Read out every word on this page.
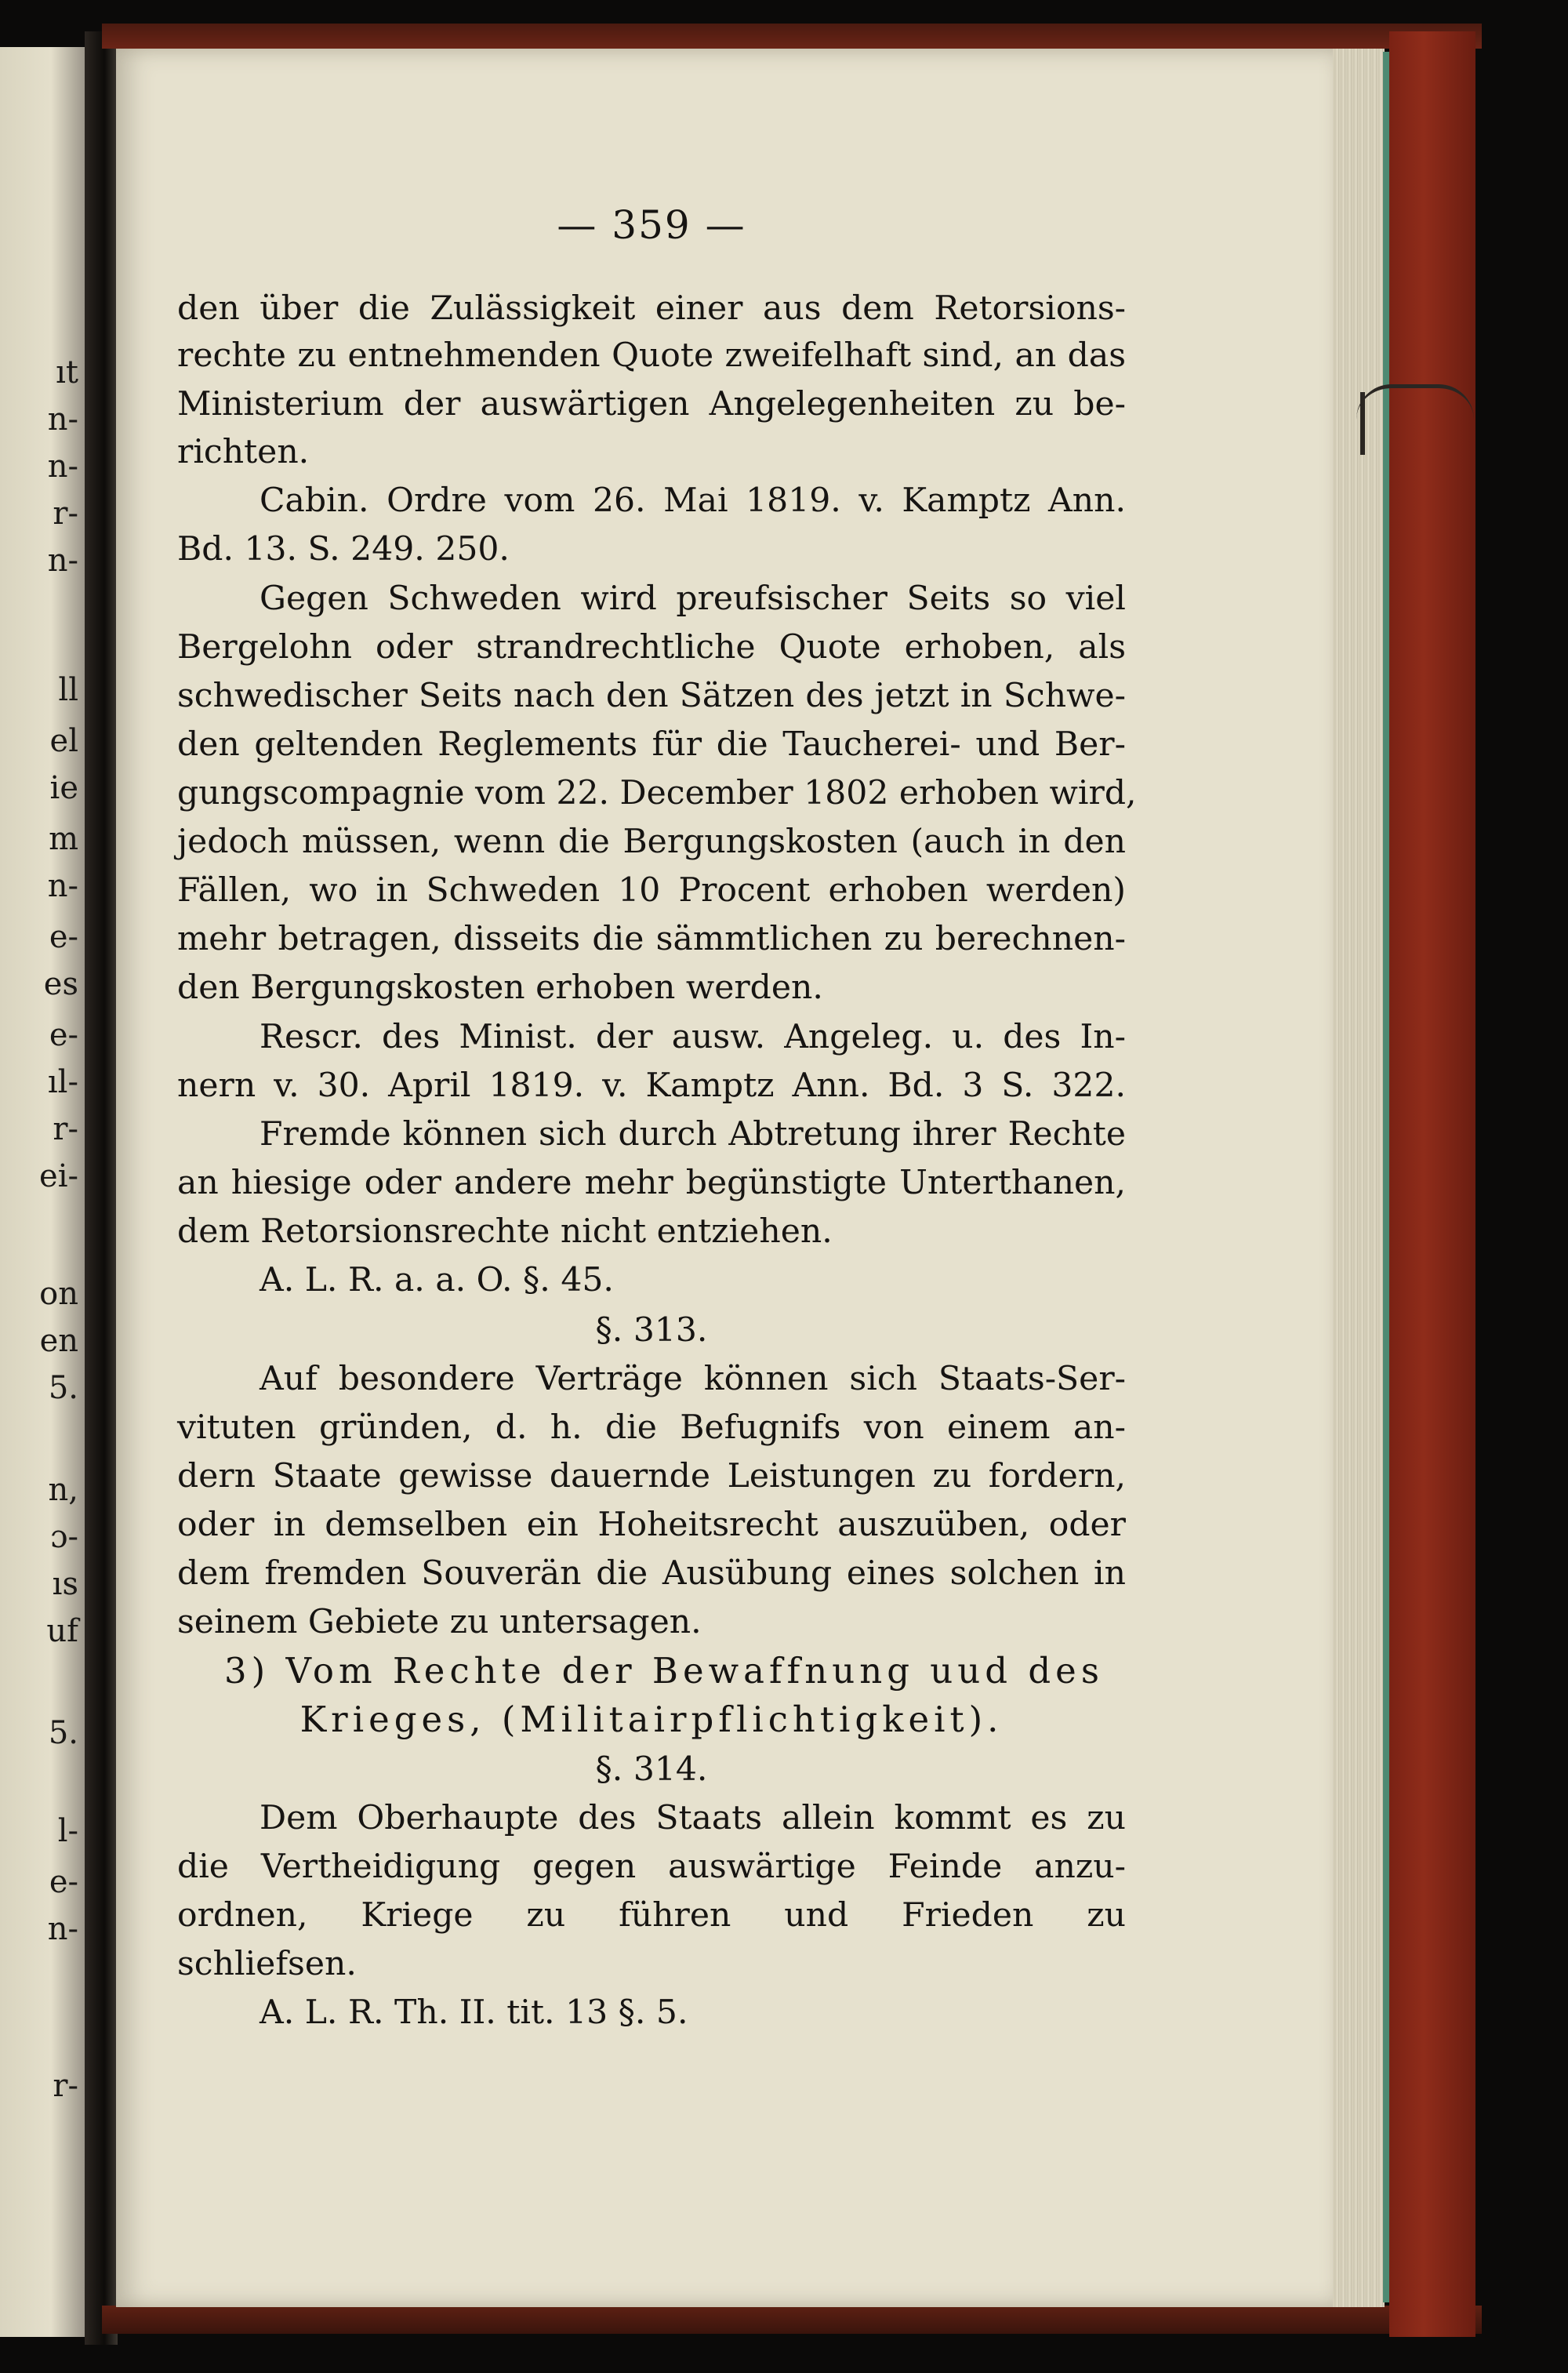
ıt
n-
n-
r-
n-
ll
el
ie
m
n-
e-
es
e-
ıl-
r-
ei-
on
en
5.
n,
ɔ-
ıs
uf
5.
l-
e-
n-
r-
— 359 —
den über die Zulässigkeit einer aus dem Retorsions-
rechte zu entnehmenden Quote zweifelhaft sind, an das
Ministerium der auswärtigen Angelegenheiten zu be-
richten.
Cabin. Ordre vom 26. Mai 1819. v. Kamptz Ann.
Bd. 13. S. 249. 250.
Gegen Schweden wird preufsischer Seits so viel
Bergelohn oder strandrechtliche Quote erhoben, als
schwedischer Seits nach den Sätzen des jetzt in Schwe-
den geltenden Reglements für die Taucherei- und Ber-
gungscompagnie vom 22. December 1802 erhoben wird,
jedoch müssen, wenn die Bergungskosten (auch in den
Fällen, wo in Schweden 10 Procent erhoben werden)
mehr betragen, disseits die sämmtlichen zu berechnen-
den Bergungskosten erhoben werden.
Rescr. des Minist. der ausw. Angeleg. u. des In-
nern v. 30. April 1819. v. Kamptz Ann. Bd. 3 S. 322.
Fremde können sich durch Abtretung ihrer Rechte
an hiesige oder andere mehr begünstigte Unterthanen,
dem Retorsionsrechte nicht entziehen.
A. L. R. a. a. O. §. 45.
§. 313.
Auf besondere Verträge können sich Staats-Ser-
vituten gründen, d. h. die Befugnifs von einem an-
dern Staate gewisse dauernde Leistungen zu fordern,
oder in demselben ein Hoheitsrecht auszuüben, oder
dem fremden Souverän die Ausübung eines solchen in
seinem Gebiete zu untersagen.
3) Vom Rechte der Bewaffnung uud des
Krieges, (Militairpflichtigkeit).
§. 314.
Dem Oberhaupte des Staats allein kommt es zu
die Vertheidigung gegen auswärtige Feinde anzu-
ordnen, Kriege zu führen und Frieden zu
schliefsen.
A. L. R. Th. II. tit. 13 §. 5.
